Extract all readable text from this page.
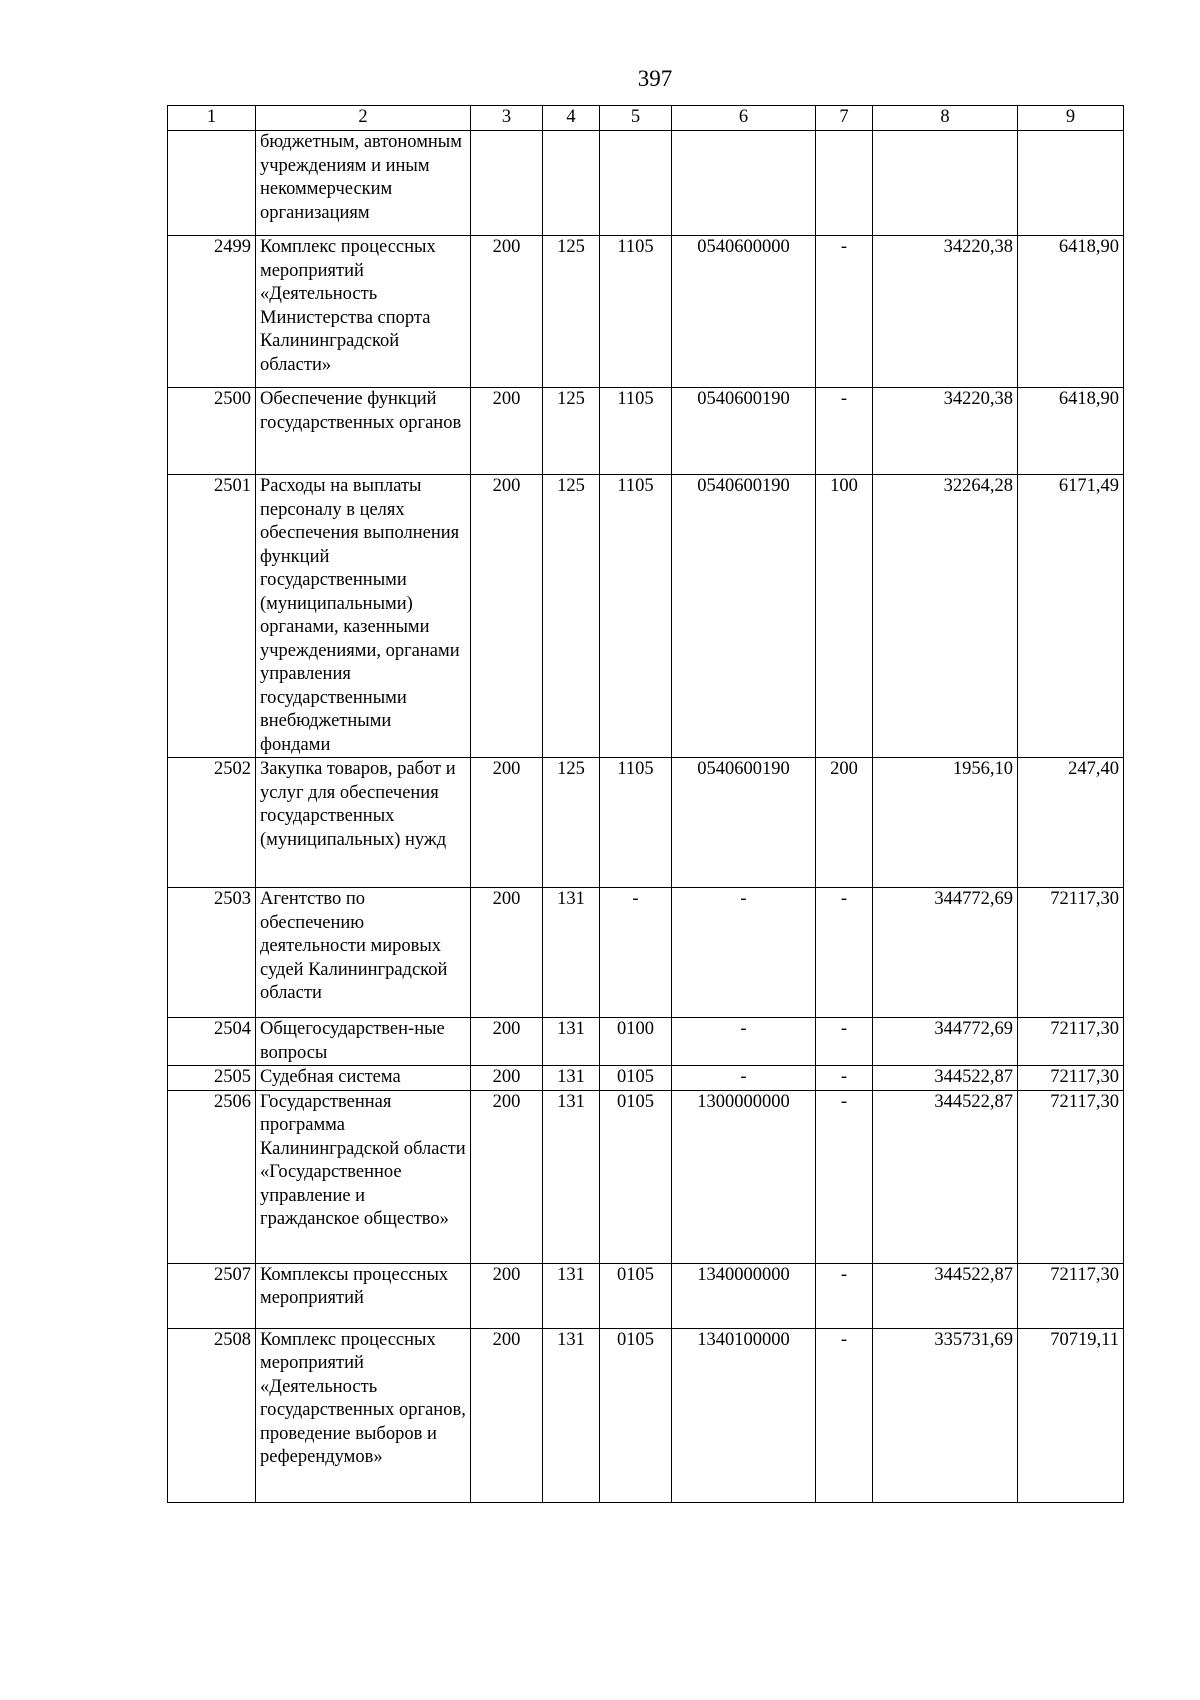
397
1	2	3	4	5	6	7	8	9
	бюджетным, автономным учреждениям и иным некоммерческим организациям							
2499	Комплекс процессных мероприятий «Деятельность Министерства спорта Калининградской области»	200	125	1105	0540600000	-	34220,38	6418,90
2500	Обеспечение функций государственных органов	200	125	1105	0540600190	-	34220,38	6418,90
2501	Расходы на выплаты персоналу в целях обеспечения выполнения функций государственными (муниципальными) органами, казенными учреждениями, органами управления государственными внебюджетными фондами	200	125	1105	0540600190	100	32264,28	6171,49
2502	Закупка товаров, работ и услуг для обеспечения государственных (муниципальных) нужд	200	125	1105	0540600190	200	1956,10	247,40
2503	Агентство по обеспечению деятельности мировых судей Калининградской области	200	131	-	-	-	344772,69	72117,30
2504	Общегосударствен-ные вопросы	200	131	0100	-	-	344772,69	72117,30
2505	Судебная система	200	131	0105	-	-	344522,87	72117,30
2506	Государственная программа Калининградской области «Государственное управление и гражданское общество»	200	131	0105	1300000000	-	344522,87	72117,30
2507	Комплексы процессных мероприятий	200	131	0105	1340000000	-	344522,87	72117,30
2508	Комплекс процессных мероприятий «Деятельность государственных органов, проведение выборов и референдумов»	200	131	0105	1340100000	-	335731,69	70719,11
